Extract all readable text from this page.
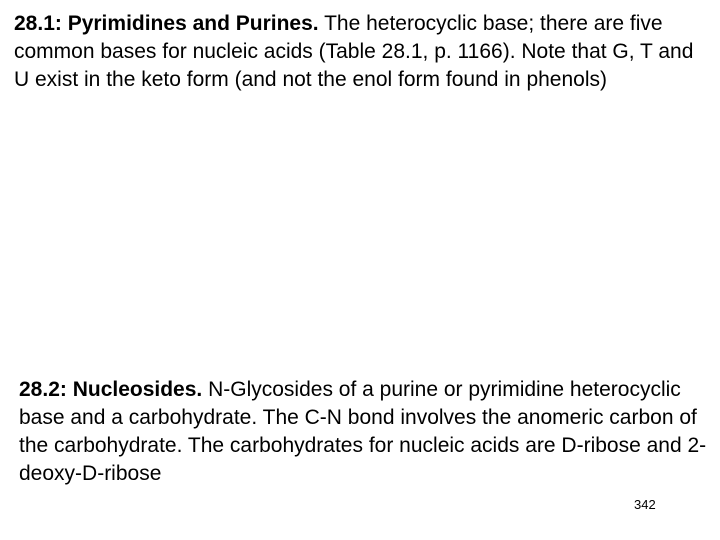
28.1: Pyrimidines and Purines. The heterocyclic base; there are five common bases for nucleic acids (Table 28.1, p. 1166). Note that G, T and U exist in the keto form (and not the enol form found in phenols)

28.2: Nucleosides. N-Glycosides of a purine or pyrimidine heterocyclic base and a carbohydrate. The C-N bond involves the anomeric carbon of the carbohydrate. The carbohydrates for nucleic acids are D-ribose and 2-deoxy-D-ribose

342
